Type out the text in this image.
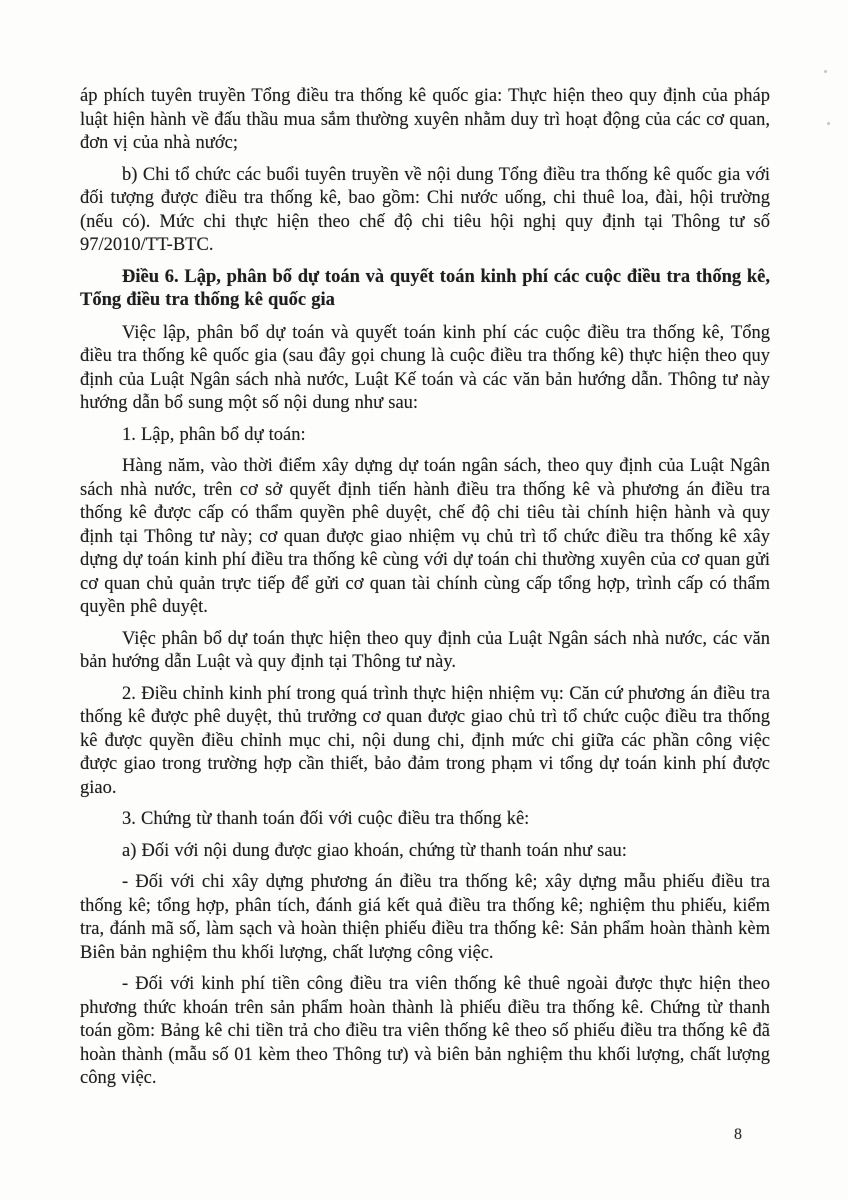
áp phích tuyên truyền Tổng điều tra thống kê quốc gia: Thực hiện theo quy định của pháp luật hiện hành về đấu thầu mua sắm thường xuyên nhằm duy trì hoạt động của các cơ quan, đơn vị của nhà nước;

b) Chi tổ chức các buổi tuyên truyền về nội dung Tổng điều tra thống kê quốc gia với đối tượng được điều tra thống kê, bao gồm: Chi nước uống, chi thuê loa, đài, hội trường (nếu có). Mức chi thực hiện theo chế độ chi tiêu hội nghị quy định tại Thông tư số 97/2010/TT-BTC.

Điều 6. Lập, phân bổ dự toán và quyết toán kinh phí các cuộc điều tra thống kê, Tổng điều tra thống kê quốc gia

Việc lập, phân bổ dự toán và quyết toán kinh phí các cuộc điều tra thống kê, Tổng điều tra thống kê quốc gia (sau đây gọi chung là cuộc điều tra thống kê) thực hiện theo quy định của Luật Ngân sách nhà nước, Luật Kế toán và các văn bản hướng dẫn. Thông tư này hướng dẫn bổ sung một số nội dung như sau:

1. Lập, phân bổ dự toán:

Hàng năm, vào thời điểm xây dựng dự toán ngân sách, theo quy định của Luật Ngân sách nhà nước, trên cơ sở quyết định tiến hành điều tra thống kê và phương án điều tra thống kê được cấp có thẩm quyền phê duyệt, chế độ chi tiêu tài chính hiện hành và quy định tại Thông tư này; cơ quan được giao nhiệm vụ chủ trì tổ chức điều tra thống kê xây dựng dự toán kinh phí điều tra thống kê cùng với dự toán chi thường xuyên của cơ quan gửi cơ quan chủ quản trực tiếp để gửi cơ quan tài chính cùng cấp tổng hợp, trình cấp có thẩm quyền phê duyệt.

Việc phân bổ dự toán thực hiện theo quy định của Luật Ngân sách nhà nước, các văn bản hướng dẫn Luật và quy định tại Thông tư này.

2. Điều chỉnh kinh phí trong quá trình thực hiện nhiệm vụ: Căn cứ phương án điều tra thống kê được phê duyệt, thủ trưởng cơ quan được giao chủ trì tổ chức cuộc điều tra thống kê được quyền điều chỉnh mục chi, nội dung chi, định mức chi giữa các phần công việc được giao trong trường hợp cần thiết, bảo đảm trong phạm vi tổng dự toán kinh phí được giao.

3. Chứng từ thanh toán đối với cuộc điều tra thống kê:

a) Đối với nội dung được giao khoán, chứng từ thanh toán như sau:

- Đối với chi xây dựng phương án điều tra thống kê; xây dựng mẫu phiếu điều tra thống kê; tổng hợp, phân tích, đánh giá kết quả điều tra thống kê; nghiệm thu phiếu, kiểm tra, đánh mã số, làm sạch và hoàn thiện phiếu điều tra thống kê: Sản phẩm hoàn thành kèm Biên bản nghiệm thu khối lượng, chất lượng công việc.

- Đối với kinh phí tiền công điều tra viên thống kê thuê ngoài được thực hiện theo phương thức khoán trên sản phẩm hoàn thành là phiếu điều tra thống kê. Chứng từ thanh toán gồm: Bảng kê chi tiền trả cho điều tra viên thống kê theo số phiếu điều tra thống kê đã hoàn thành (mẫu số 01 kèm theo Thông tư) và biên bản nghiệm thu khối lượng, chất lượng công việc.

8
